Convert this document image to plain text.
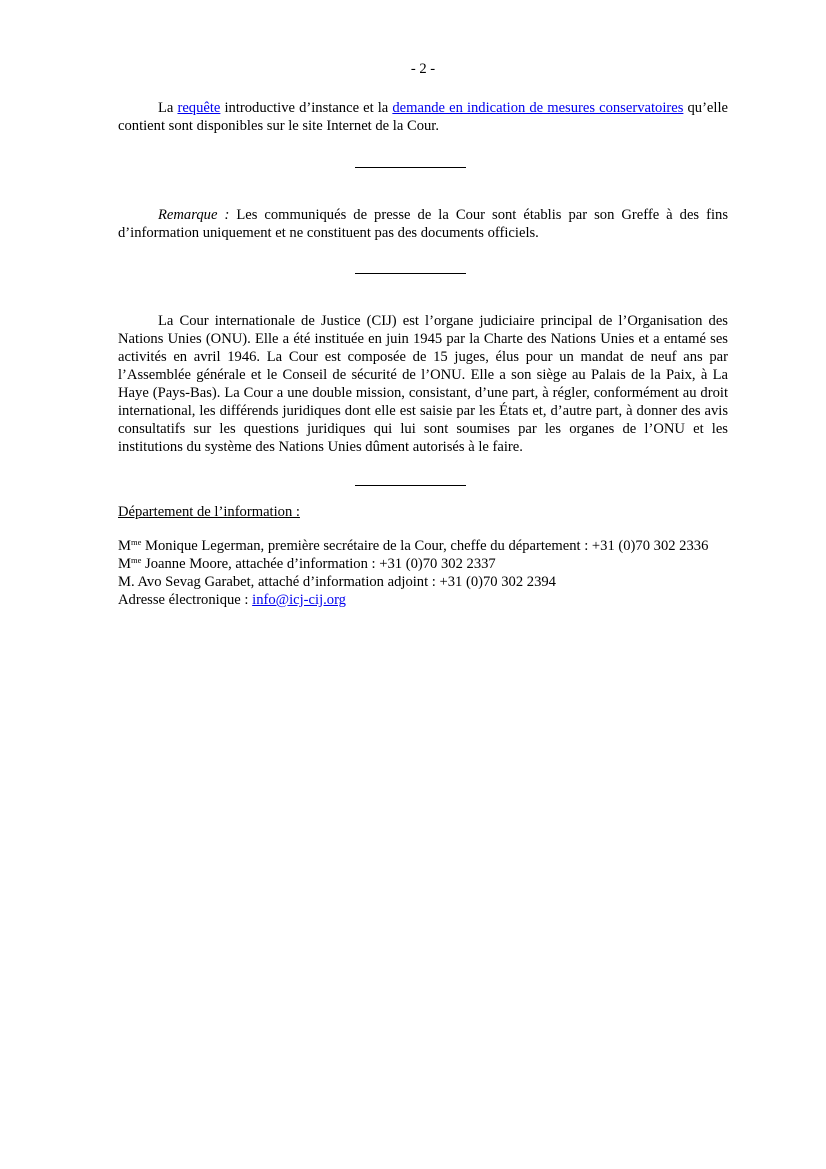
- 2 -

La requête introductive d’instance et la demande en indication de mesures conservatoires qu’elle contient sont disponibles sur le site Internet de la Cour.

Remarque : Les communiqués de presse de la Cour sont établis par son Greffe à des fins d’information uniquement et ne constituent pas des documents officiels.

La Cour internationale de Justice (CIJ) est l’organe judiciaire principal de l’Organisation des Nations Unies (ONU). Elle a été instituée en juin 1945 par la Charte des Nations Unies et a entamé ses activités en avril 1946. La Cour est composée de 15 juges, élus pour un mandat de neuf ans par l’Assemblée générale et le Conseil de sécurité de l’ONU. Elle a son siège au Palais de la Paix, à La Haye (Pays-Bas). La Cour a une double mission, consistant, d’une part, à régler, conformément au droit international, les différends juridiques dont elle est saisie par les États et, d’autre part, à donner des avis consultatifs sur les questions juridiques qui lui sont soumises par les organes de l’ONU et les institutions du système des Nations Unies dûment autorisés à le faire.

Département de l’information :
$M^{me}$ Monique Legerman, première secrétaire de la Cour, cheffe du département : +31 (0)70 302 2336
$M^{me}$ Joanne Moore, attachée d’information : +31 (0)70 302 2337
M. Avo Sevag Garabet, attaché d’information adjoint : +31 (0)70 302 2394
Adresse électronique : info@icj-cij.org
